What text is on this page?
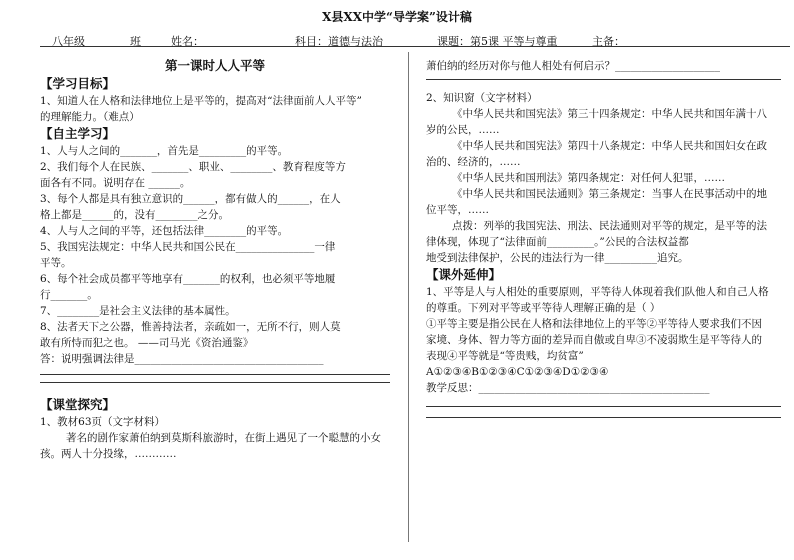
X县XX中学“导学案”设计稿
八年级	班	姓名：	科目：道德与法治	课题：第5课 平等与尊重	主备：
第一课时人人平等
【学习目标】
1、知道人在人格和法律地位上是平等的，提高对“法律面前人人平等”
的理解能力。（难点）
【自主学习】
1、人与人之间的_______，首先是_________的平等。
2、我们每个人在民族、_______、职业、________、教育程度等方
面各有不同。说明存在 ______。
3、每个人都是具有独立意识的______，都有做人的______，在人
格上都是______的，没有________之分。
4、人与人之间的平等，还包括法律________的平等。
5、我国宪法规定：中华人民共和国公民在_______________一律
平等。
6、每个社会成员都平等地享有_______的权利，也必须平等地履
行_______。
7、________是社会主义法律的基本属性。
8、法者天下之公器，惟善持法者，亲疏如一，无所不行，则人莫
敢有所恃而犯之也。 ——司马光《资治通鉴》
答：说明强调法律是____________________________________
【课堂探究】
1、教材63页（文字材料）
著名的剧作家萧伯纳到莫斯科旅游时，在街上遇见了一个聪慧的小女
孩。两人十分投缘，…………
萧伯纳的经历对你与他人相处有何启示？____________________
2、知识窗（文字材料）
《中华人民共和国宪法》第三十四条规定：中华人民共和国年满十八
岁的公民，……
《中华人民共和国宪法》第四十八条规定：中华人民共和国妇女在政
治的、经济的，……
《中华人民共和国刑法》第四条规定：对任何人犯罪，……
《中华人民共和国民法通则》第三条规定：当事人在民事活动中的地
位平等，……
点拨：列举的我国宪法、刑法、民法通则对平等的规定，是平等的法
律体现，体现了“法律面前_________。”公民的合法权益都
地受到法律保护，公民的违法行为一律__________追究。
【课外延伸】
1、平等是人与人相处的重要原则，平等待人体现着我们队他人和自己人格
的尊重。下列对平等或平等待人理解正确的是（ ）
①平等主要是指公民在人格和法律地位上的平等②平等待人要求我们不因
家境、身体、智力等方面的差异而自傲或自卑③不凌弱欺生是平等待人的
表现④平等就是“等贵贱，均贫富”
A①②③④B①②③④C①②③④D①②③④
教学反思：____________________________________________
